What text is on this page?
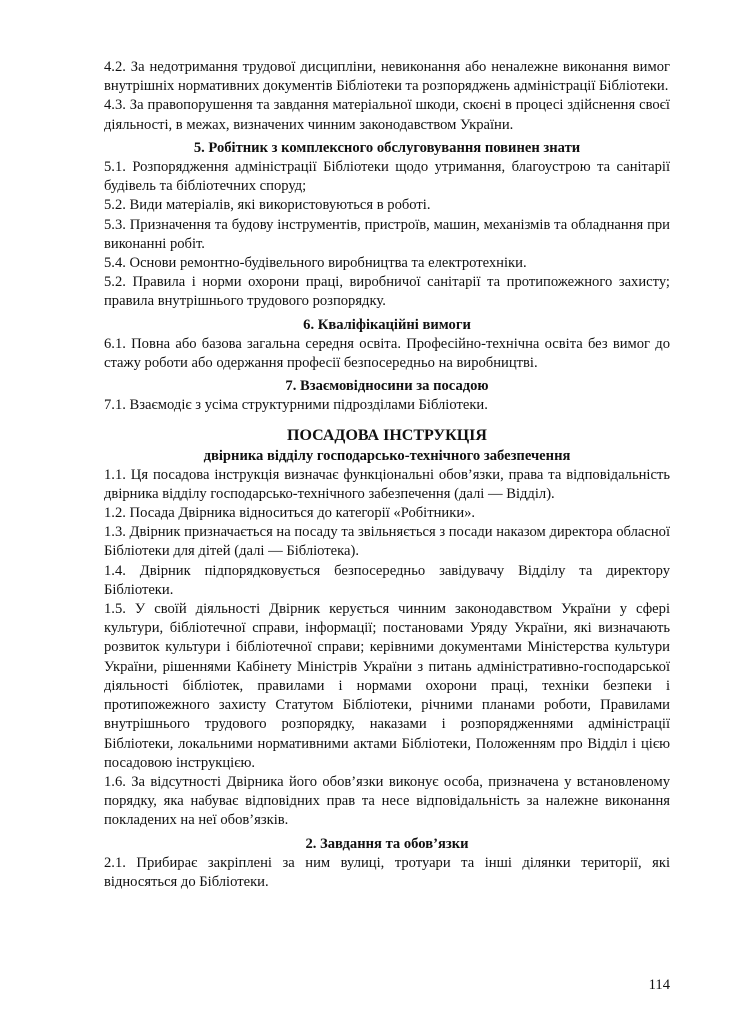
4.2. За недотримання трудової дисципліни, невиконання або неналежне виконання вимог внутрішніх нормативних документів Бібліотеки та розпоряджень адміністрації Бібліотеки.

4.3. За правопорушення та завдання матеріальної шкоди, скоєні в процесі здійснення своєї діяльності, в межах, визначених чинним законодавством України.

5. Робітник з комплексного обслуговування повинен знати

5.1. Розпорядження адміністрації Бібліотеки щодо утримання, благоустрою та санітарії будівель та бібліотечних споруд;

5.2. Види матеріалів, які використовуються в роботі.

5.3. Призначення та будову інструментів, пристроїв, машин, механізмів та обладнання при виконанні робіт.

5.4. Основи ремонтно-будівельного виробництва та електротехніки.

5.2. Правила і норми охорони праці, виробничої санітарії та протипожежного захисту; правила внутрішнього трудового розпорядку.

6. Кваліфікаційні вимоги

6.1. Повна або базова загальна середня освіта. Професійно-технічна освіта без вимог до стажу роботи або одержання професії безпосередньо на виробництві.

7. Взаємовідносини за посадою

7.1. Взаємодіє з усіма структурними підрозділами Бібліотеки.

ПОСАДОВА ІНСТРУКЦІЯ

двірника відділу господарсько-технічного забезпечення

1.1. Ця посадова інструкція визначає функціональні обов’язки, права та відповідальність двірника відділу господарсько-технічного забезпечення (далі — Відділ).

1.2. Посада Двірника відноситься до категорії «Робітники».

1.3. Двірник призначається на посаду та звільняється з посади наказом директора обласної Бібліотеки для дітей (далі — Бібліотека).

1.4. Двірник підпорядковується безпосередньо завідувачу Відділу та директору Бібліотеки.

1.5. У своїй діяльності Двірник керується чинним законодавством України у сфері культури, бібліотечної справи, інформації; постановами Уряду України, які визначають розвиток культури і бібліотечної справи; керівними документами Міністерства культури України, рішеннями Кабінету Міністрів України з питань адміністративно-господарської діяльності бібліотек, правилами і нормами охорони праці, техніки безпеки і протипожежного захисту Статутом Бібліотеки, річними планами роботи, Правилами внутрішнього трудового розпорядку, наказами і розпорядженнями адміністрації Бібліотеки, локальними нормативними актами Бібліотеки, Положенням про Відділ і цією посадовою інструкцією.

1.6. За відсутності Двірника його обов’язки виконує особа, призначена у встановленому порядку, яка набуває відповідних прав та несе відповідальність за належне виконання покладених на неї обов’язків.

2. Завдання та обов’язки

2.1. Прибирає закріплені за ним вулиці, тротуари та інші ділянки території, які відносяться до Бібліотеки.

114
